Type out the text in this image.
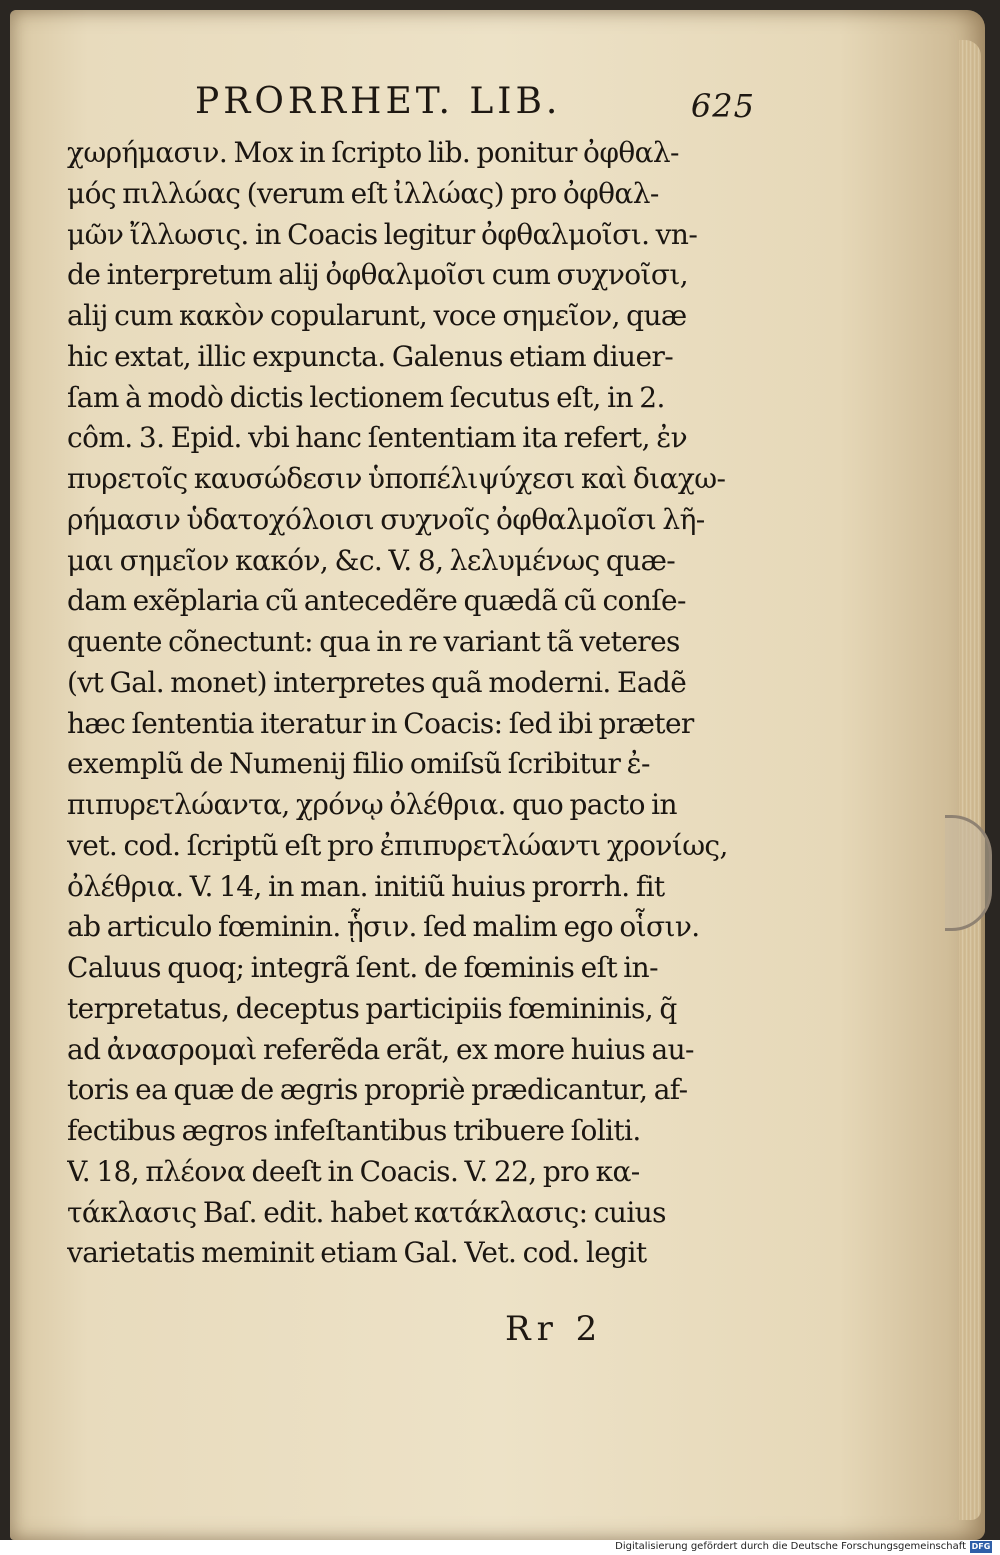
PRORRHET. LIB.	625
χωρήμασιν. Mox in ſcripto lib. ponitur ὀφθαλ-
μός πιλλώας (verum eſt ἰλλώας) pro ὀφθαλ-
μῶν ἴλλωσις. in Coacis legitur ὀφθαλμοῖσι. vn-
de interpretum alij ὀφθαλμοῖσι cum συχνοῖσι,
alij cum κακὸν copularunt, voce σημεῖον, quæ
hic extat, illic expuncta. Galenus etiam diuer-
ſam à modò dictis lectionem ſecutus eſt, in 2.
côm. 3. Epid. vbi hanc ſententiam ita refert, ἐν
πυρετοῖς καυσώδεσιν ὑποπέλιψύχεσι καὶ διαχω-
ρήμασιν ὑδατοχόλοισι συχνοῖς ὀφθαλμοῖσι λῆ-
μαι σημεῖον κακόν, &c. V. 8, λελυμένως quæ-
dam exẽplaria cũ antecedẽre quædã cũ conſe-
quente cõnectunt: qua in re variant tã veteres
(vt Gal. monet) interpretes quã moderni. Eadẽ
hæc ſententia iteratur in Coacis: ſed ibi præter
exemplũ de Numenij filio omiſsũ ſcribitur ἐ-
πιπυρετλώαντα, χρόνῳ ὀλέθρια. quo pacto in
vet. cod. ſcriptũ eſt pro ἐπιπυρετλώαντι χρονίως,
ὀλέθρια. V. 14, in man. initiũ huius prorrh. fit
ab articulo fœminin. ᾗσιν. ſed malim ego οἷσιν.
Caluus quoq; integrã ſent. de fœminis eſt in-
terpretatus, deceptus participiis fœmininis, q̃
ad ἀνασρομαὶ referẽda erãt, ex more huius au-
toris ea quæ de ægris propriè prædicantur, af-
fectibus ægros infeſtantibus tribuere ſoliti.
V. 18, πλέονα deeſt in Coacis. V. 22, pro κα-
τάκλασις Baſ. edit. habet κατάκλασις: cuius
varietatis meminit etiam Gal. Vet. cod. legit
Rr 2
Digitalisierung gefördert durch die Deutsche Forschungsgemeinschaft DFG
